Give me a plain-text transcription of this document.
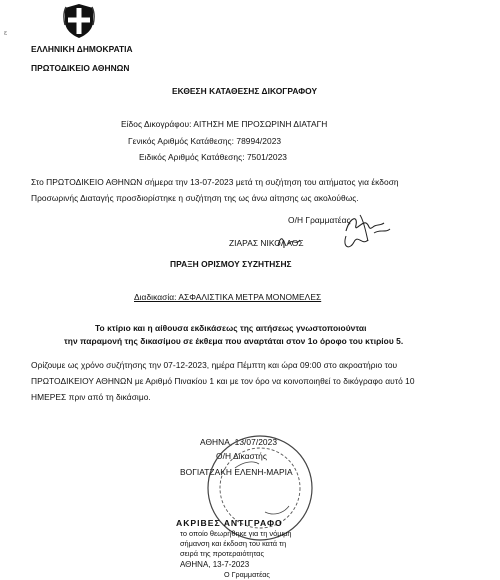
ε
ΕΛΛΗΝΙΚΗ ΔΗΜΟΚΡΑΤΙΑ
ΠΡΩΤΟΔΙΚΕΙΟ ΑΘΗΝΩΝ
ΕΚΘΕΣΗ ΚΑΤΑΘΕΣΗΣ ΔΙΚΟΓΡΑΦΟΥ
Είδος Δικογράφου: ΑΙΤΗΣΗ ΜΕ ΠΡΟΣΩΡΙΝΗ ΔΙΑΤΑΓΗ
Γενικός Αριθμός Κατάθεσης: 78994/2023
Ειδικός Αριθμός Κατάθεσης: 7501/2023
Στο ΠΡΩΤΟΔΙΚΕΙΟ ΑΘΗΝΩΝ σήμερα την 13-07-2023 μετά τη συζήτηση του αιτήματος για έκδοση
Προσωρινής Διαταγής προσδιορίστηκε η συζήτηση της ως άνω αίτησης ως ακολούθως.
Ο/Η Γραμματέας
ΖΙΑΡΑΣ ΝΙΚΟΛΑΟΣ
ΠΡΑΞΗ ΟΡΙΣΜΟΥ ΣΥΖΗΤΗΣΗΣ
Διαδικασία: ΑΣΦΑΛΙΣΤΙΚΑ ΜΕΤΡΑ ΜΟΝΟΜΕΛΕΣ
Το κτίριο και η αίθουσα εκδικάσεως της αιτήσεως γνωστοποιούνται
την παραμονή της δικασίμου σε έκθεμα που αναρτάται στον 1ο όροφο του κτιρίου 5.
Ορίζουμε ως χρόνο συζήτησης την 07-12-2023, ημέρα Πέμπτη και ώρα 09:00 στο ακροατήριο του
ΠΡΩΤΟΔΙΚΕΙΟΥ ΑΘΗΝΩΝ με Αριθμό Πινακίου 1 και με τον όρο να κοινοποιηθεί το δικόγραφο αυτό 10
ΗΜΕΡΕΣ πριν από τη δικάσιμο.
ΑΘΗΝΑ, 13/07/2023
Ο/Η Δικαστής
ΒΟΓΙΑΤΖΑΚΗ ΕΛΕΝΗ-ΜΑΡΙΑ
ΑΚΡΙΒΕΣ ΑΝΤΙΓΡΑΦΟ
το οποίο θεωρήθηκε για τη νόμιμη
σήμανση και έκδοση του κατά τη
σειρά της προτεραιότητας
ΑΘΗΝΑ, 13-7-2023
Ο Γραμματέας
